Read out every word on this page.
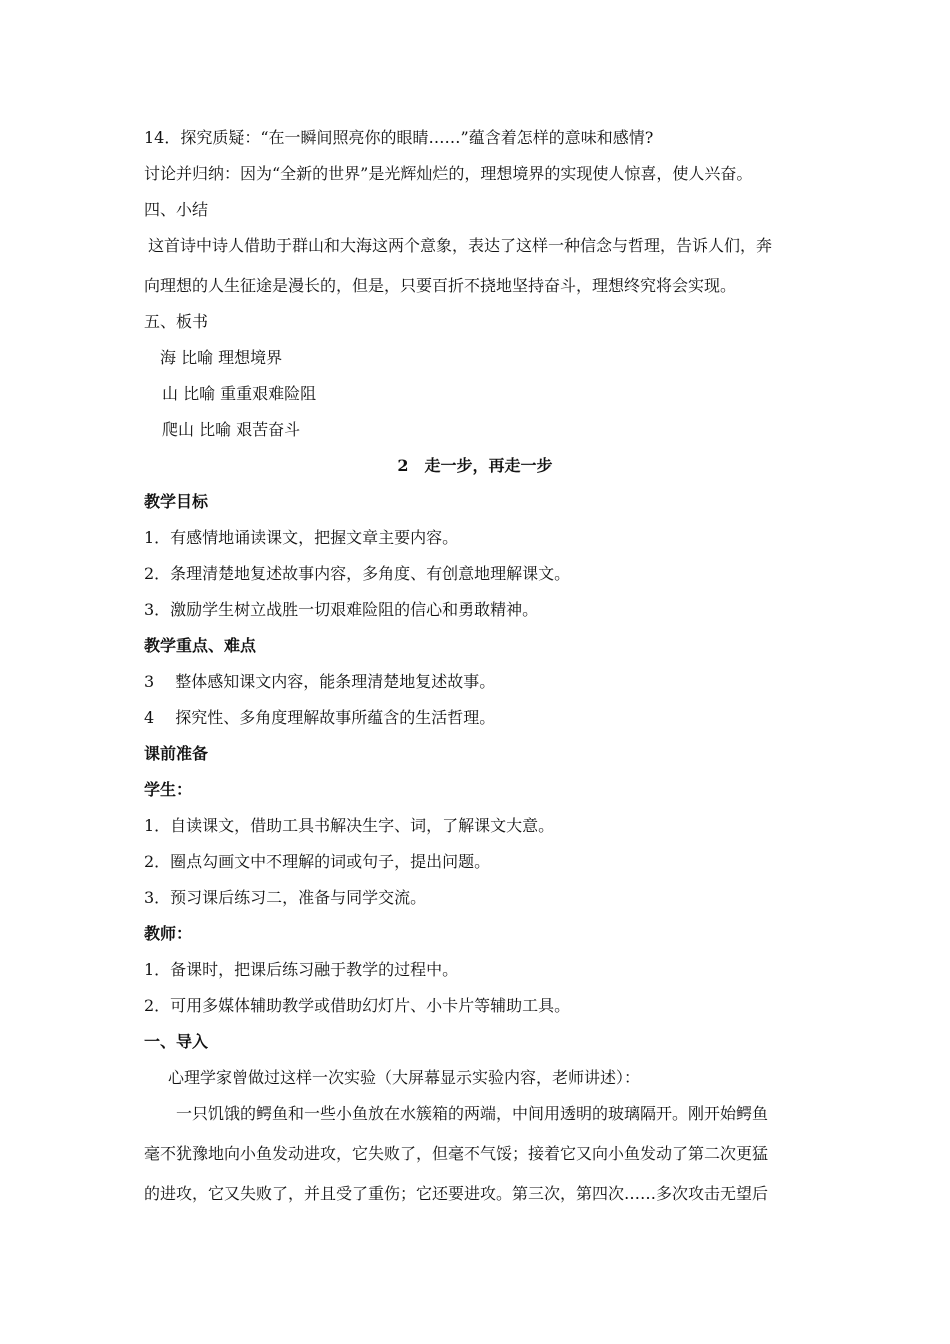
14．探究质疑：“在一瞬间照亮你的眼睛……”蕴含着怎样的意味和感情?
讨论并归纳：因为“全新的世界”是光辉灿烂的，理想境界的实现使人惊喜，使人兴奋。
四、小结
这首诗中诗人借助于群山和大海这两个意象，表达了这样一种信念与哲理，告诉人们，奔
向理想的人生征途是漫长的，但是，只要百折不挠地坚持奋斗，理想终究将会实现。
五、板书
海 比喻 理想境界
山 比喻 重重艰难险阻
爬山 比喻 艰苦奋斗
2　走一步，再走一步
教学目标
1．有感情地诵读课文，把握文章主要内容。
2．条理清楚地复述故事内容，多角度、有创意地理解课文。
3．激励学生树立战胜一切艰难险阻的信心和勇敢精神。
教学重点、难点
3　 整体感知课文内容，能条理清楚地复述故事。
4　 探究性、多角度理解故事所蕴含的生活哲理。
课前准备
学生：
1．自读课文，借助工具书解决生字、词，了解课文大意。
2．圈点勾画文中不理解的词或句子，提出问题。
3．预习课后练习二，准备与同学交流。
教师：
1．备课时，把课后练习融于教学的过程中。
2．可用多媒体辅助教学或借助幻灯片、小卡片等辅助工具。
一、导入
心理学家曾做过这样一次实验（大屏幕显示实验内容，老师讲述）：
一只饥饿的鳄鱼和一些小鱼放在水簇箱的两端，中间用透明的玻璃隔开。刚开始鳄鱼
毫不犹豫地向小鱼发动进攻，它失败了，但毫不气馁；接着它又向小鱼发动了第二次更猛
的进攻，它又失败了，并且受了重伤；它还要进攻。第三次，第四次……多次攻击无望后
